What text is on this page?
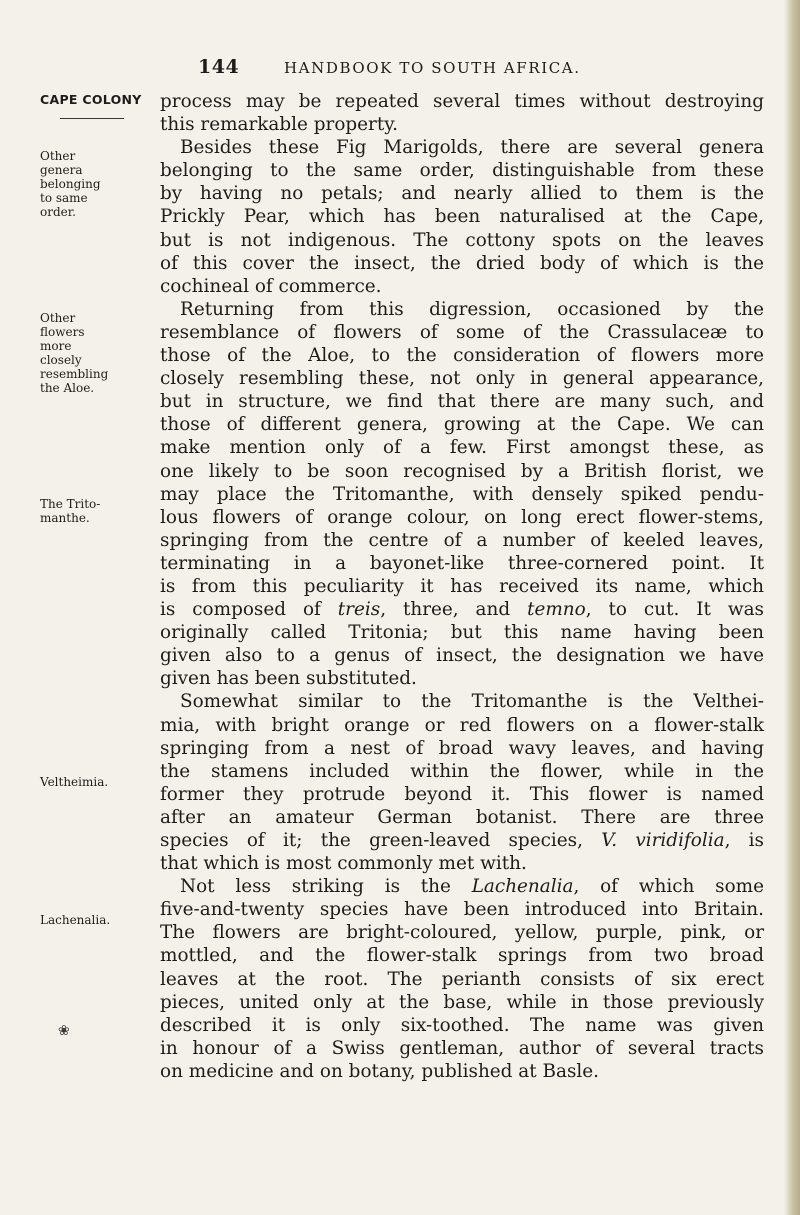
144	HANDBOOK TO SOUTH AFRICA.
CAPE COLONY
Other
genera
belonging
to same
order.
Other
flowers
more
closely
resembling
the Aloe.
The Trito-
manthe.
Veltheimia.
❀
Lachenalia.
process may be repeated several times without destroying
this remarkable property.
Besides these Fig Marigolds, there are several genera
belonging to the same order, distinguishable from these
by having no petals; and nearly allied to them is the
Prickly Pear, which has been naturalised at the Cape,
but is not indigenous. The cottony spots on the leaves
of this cover the insect, the dried body of which is the
cochineal of commerce.
Returning from this digression, occasioned by the
resemblance of flowers of some of the Crassulaceæ to
those of the Aloe, to the consideration of flowers more
closely resembling these, not only in general appearance,
but in structure, we find that there are many such, and
those of different genera, growing at the Cape. We can
make mention only of a few. First amongst these, as
one likely to be soon recognised by a British florist, we
may place the Tritomanthe, with densely spiked pendu-
lous flowers of orange colour, on long erect flower-stems,
springing from the centre of a number of keeled leaves,
terminating in a bayonet-like three-cornered point. It
is from this peculiarity it has received its name, which
is composed of treis, three, and temno, to cut. It was
originally called Tritonia; but this name having been
given also to a genus of insect, the designation we have
given has been substituted.
Somewhat similar to the Tritomanthe is the Velthei-
mia, with bright orange or red flowers on a flower-stalk
springing from a nest of broad wavy leaves, and having
the stamens included within the flower, while in the
former they protrude beyond it. This flower is named
after an amateur German botanist. There are three
species of it; the green-leaved species, V. viridifolia, is
that which is most commonly met with.
Not less striking is the Lachenalia, of which some
five-and-twenty species have been introduced into Britain.
The flowers are bright-coloured, yellow, purple, pink, or
mottled, and the flower-stalk springs from two broad
leaves at the root. The perianth consists of six erect
pieces, united only at the base, while in those previously
described it is only six-toothed. The name was given
in honour of a Swiss gentleman, author of several tracts
on medicine and on botany, published at Basle.
